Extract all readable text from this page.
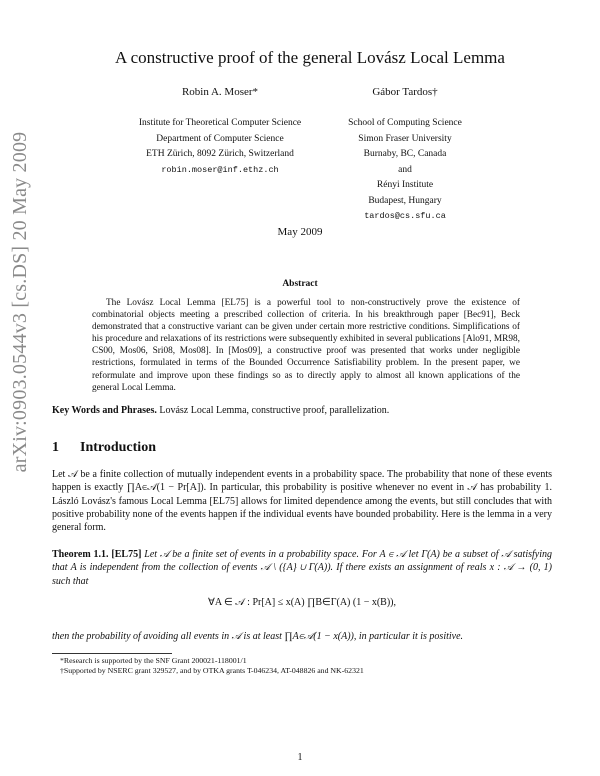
arXiv:0903.0544v3 [cs.DS] 20 May 2009
A constructive proof of the general Lovász Local Lemma
Robin A. Moser*
Institute for Theoretical Computer Science
Department of Computer Science
ETH Zürich, 8092 Zürich, Switzerland
robin.moser@inf.ethz.ch
Gábor Tardos†
School of Computing Science
Simon Fraser University
Burnaby, BC, Canada
and
Rényi Institute
Budapest, Hungary
tardos@cs.sfu.ca
May 2009
Abstract
The Lovász Local Lemma [EL75] is a powerful tool to non-constructively prove the existence of combinatorial objects meeting a prescribed collection of criteria. In his breakthrough paper [Bec91], Beck demonstrated that a constructive variant can be given under certain more restrictive conditions. Simplifications of his procedure and relaxations of its restrictions were subsequently exhibited in several publications [Alo91, MR98, CS00, Mos06, Sri08, Mos08]. In [Mos09], a constructive proof was presented that works under negligible restrictions, formulated in terms of the Bounded Occurrence Satisfiability problem. In the present paper, we reformulate and improve upon these findings so as to directly apply to almost all known applications of the general Local Lemma.
Key Words and Phrases. Lovász Local Lemma, constructive proof, parallelization.
1 Introduction
Let 𝒜 be a finite collection of mutually independent events in a probability space. The probability that none of these events happen is exactly ∏A∈𝒜(1 − Pr[A]). In particular, this probability is positive whenever no event in 𝒜 has probability 1. László Lovász's famous Local Lemma [EL75] allows for limited dependence among the events, but still concludes that with positive probability none of the events happen if the individual events have bounded probability. Here is the lemma in a very general form.
Theorem 1.1. [EL75] Let 𝒜 be a finite set of events in a probability space. For A ∈ 𝒜 let Γ(A) be a subset of 𝒜 satisfying that A is independent from the collection of events 𝒜 \ ({A} ∪ Γ(A)). If there exists an assignment of reals x : 𝒜 → (0, 1) such that
∀A ∈ 𝒜 : Pr[A] ≤ x(A) ∏B∈Γ(A) (1 − x(B)),
then the probability of avoiding all events in 𝒜 is at least ∏A∈𝒜(1 − x(A)), in particular it is positive.
*Research is supported by the SNF Grant 200021-118001/1
†Supported by NSERC grant 329527, and by OTKA grants T-046234, AT-048826 and NK-62321
1
